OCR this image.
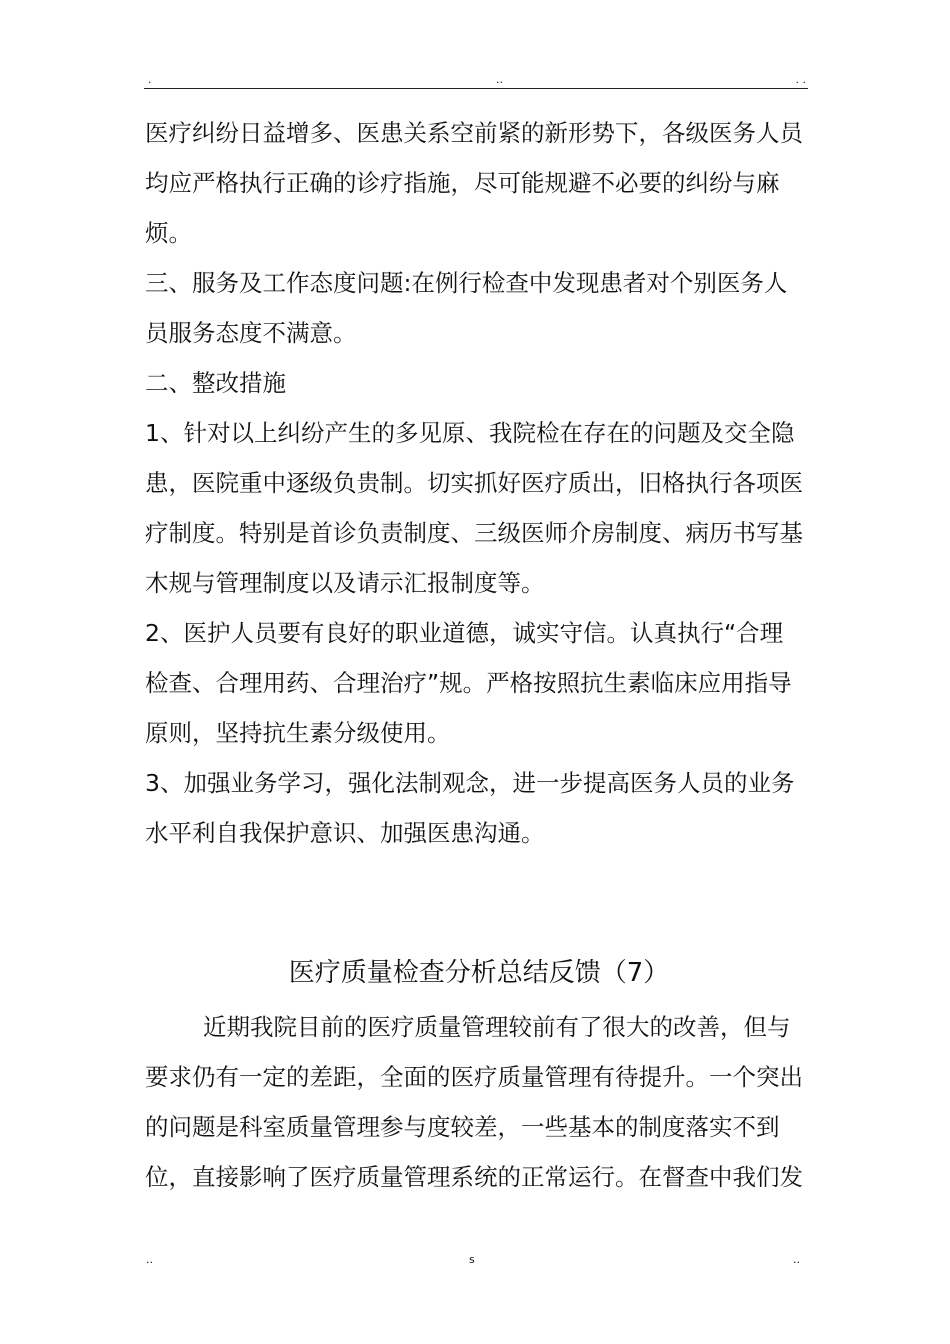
.	..	. .
医疗纠纷日益增多、医患关系空前紧的新形势下，各级医务人员
均应严格执行正确的诊疗指施，尽可能规避不必要的纠纷与麻
烦。
三、服务及工作态度问题:在例行检查中发现患者对个别医务人
员服务态度不满意。
二、整改措施
1、针对以上纠纷产生的多见原、我院检在存在的问题及交全隐
患，医院重中逐级负贵制。切实抓好医疗质出，旧格执行各项医
疗制度。特别是首诊负责制度、三级医师介房制度、病历书写基
木规与管理制度以及请示汇报制度等。
2、医护人员要有良好的职业道德，诚实守信。认真执行“合理
检查、合理用药、合理治疗”规。严格按照抗生素临床应用指导
原则，坚持抗生素分级使用。
3、加强业务学习，强化法制观念，进一步提高医务人员的业务
水平利自我保护意识、加强医患沟通。
医疗质量检查分析总结反馈（7）
近期我院目前的医疗质量管理较前有了很大的改善，但与
要求仍有一定的差距，全面的医疗质量管理有待提升。一个突出
的问题是科室质量管理参与度较差，一些基本的制度落实不到
位，直接影响了医疗质量管理系统的正常运行。在督查中我们发
..	s	..
